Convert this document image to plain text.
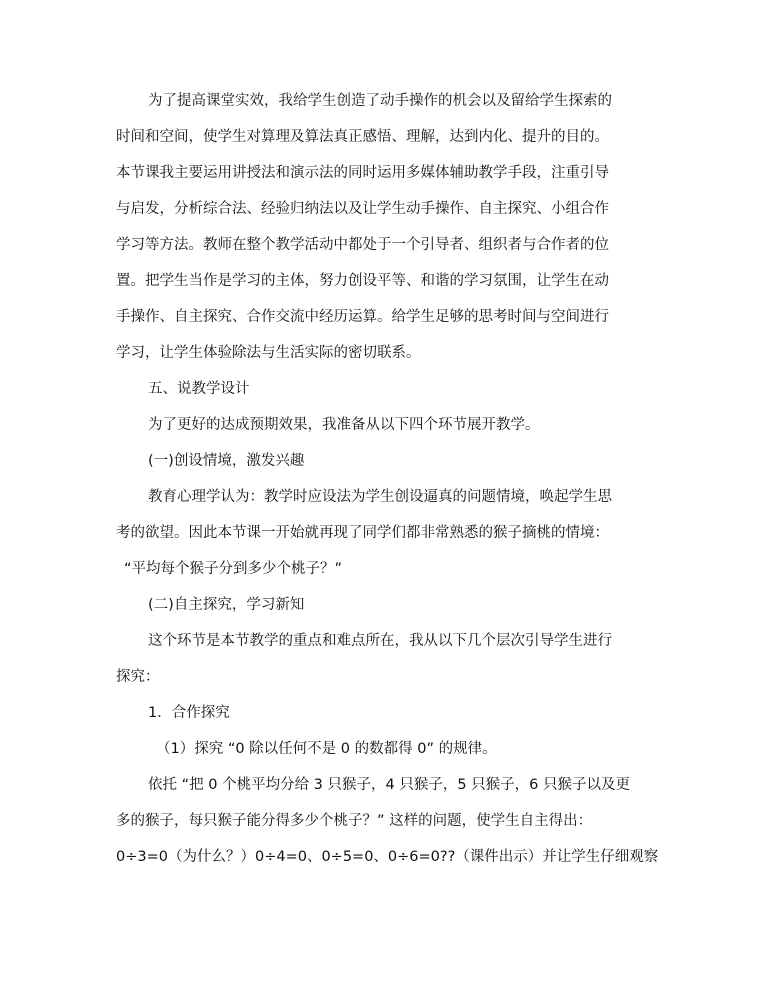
为了提高课堂实效，我给学生创造了动手操作的机会以及留给学生探索的
时间和空间，使学生对算理及算法真正感悟、理解，达到内化、提升的目的。
本节课我主要运用讲授法和演示法的同时运用多媒体辅助教学手段，注重引导
与启发，分析综合法、经验归纳法以及让学生动手操作、自主探究、小组合作
学习等方法。教师在整个教学活动中都处于一个引导者、组织者与合作者的位
置。把学生当作是学习的主体，努力创设平等、和谐的学习氛围，让学生在动
手操作、自主探究、合作交流中经历运算。给学生足够的思考时间与空间进行
学习，让学生体验除法与生活实际的密切联系。
五、说教学设计
为了更好的达成预期效果，我准备从以下四个环节展开教学。
(一)创设情境，激发兴趣
教育心理学认为：教学时应设法为学生创设逼真的问题情境，唤起学生思
考的欲望。因此本节课一开始就再现了同学们都非常熟悉的猴子摘桃的情境：
“平均每个猴子分到多少个桃子？”
(二)自主探究，学习新知
这个环节是本节教学的重点和难点所在，我从以下几个层次引导学生进行
探究：
1．合作探究
（1）探究 “0 除以任何不是 0 的数都得 0” 的规律。
依托 “把 0 个桃平均分给 3 只猴子，4 只猴子，5 只猴子，6 只猴子以及更
多的猴子，每只猴子能分得多少个桃子？” 这样的问题，使学生自主得出：
0÷3=0（为什么？）0÷4=0、0÷5=0、0÷6=0??（课件出示）并让学生仔细观察
